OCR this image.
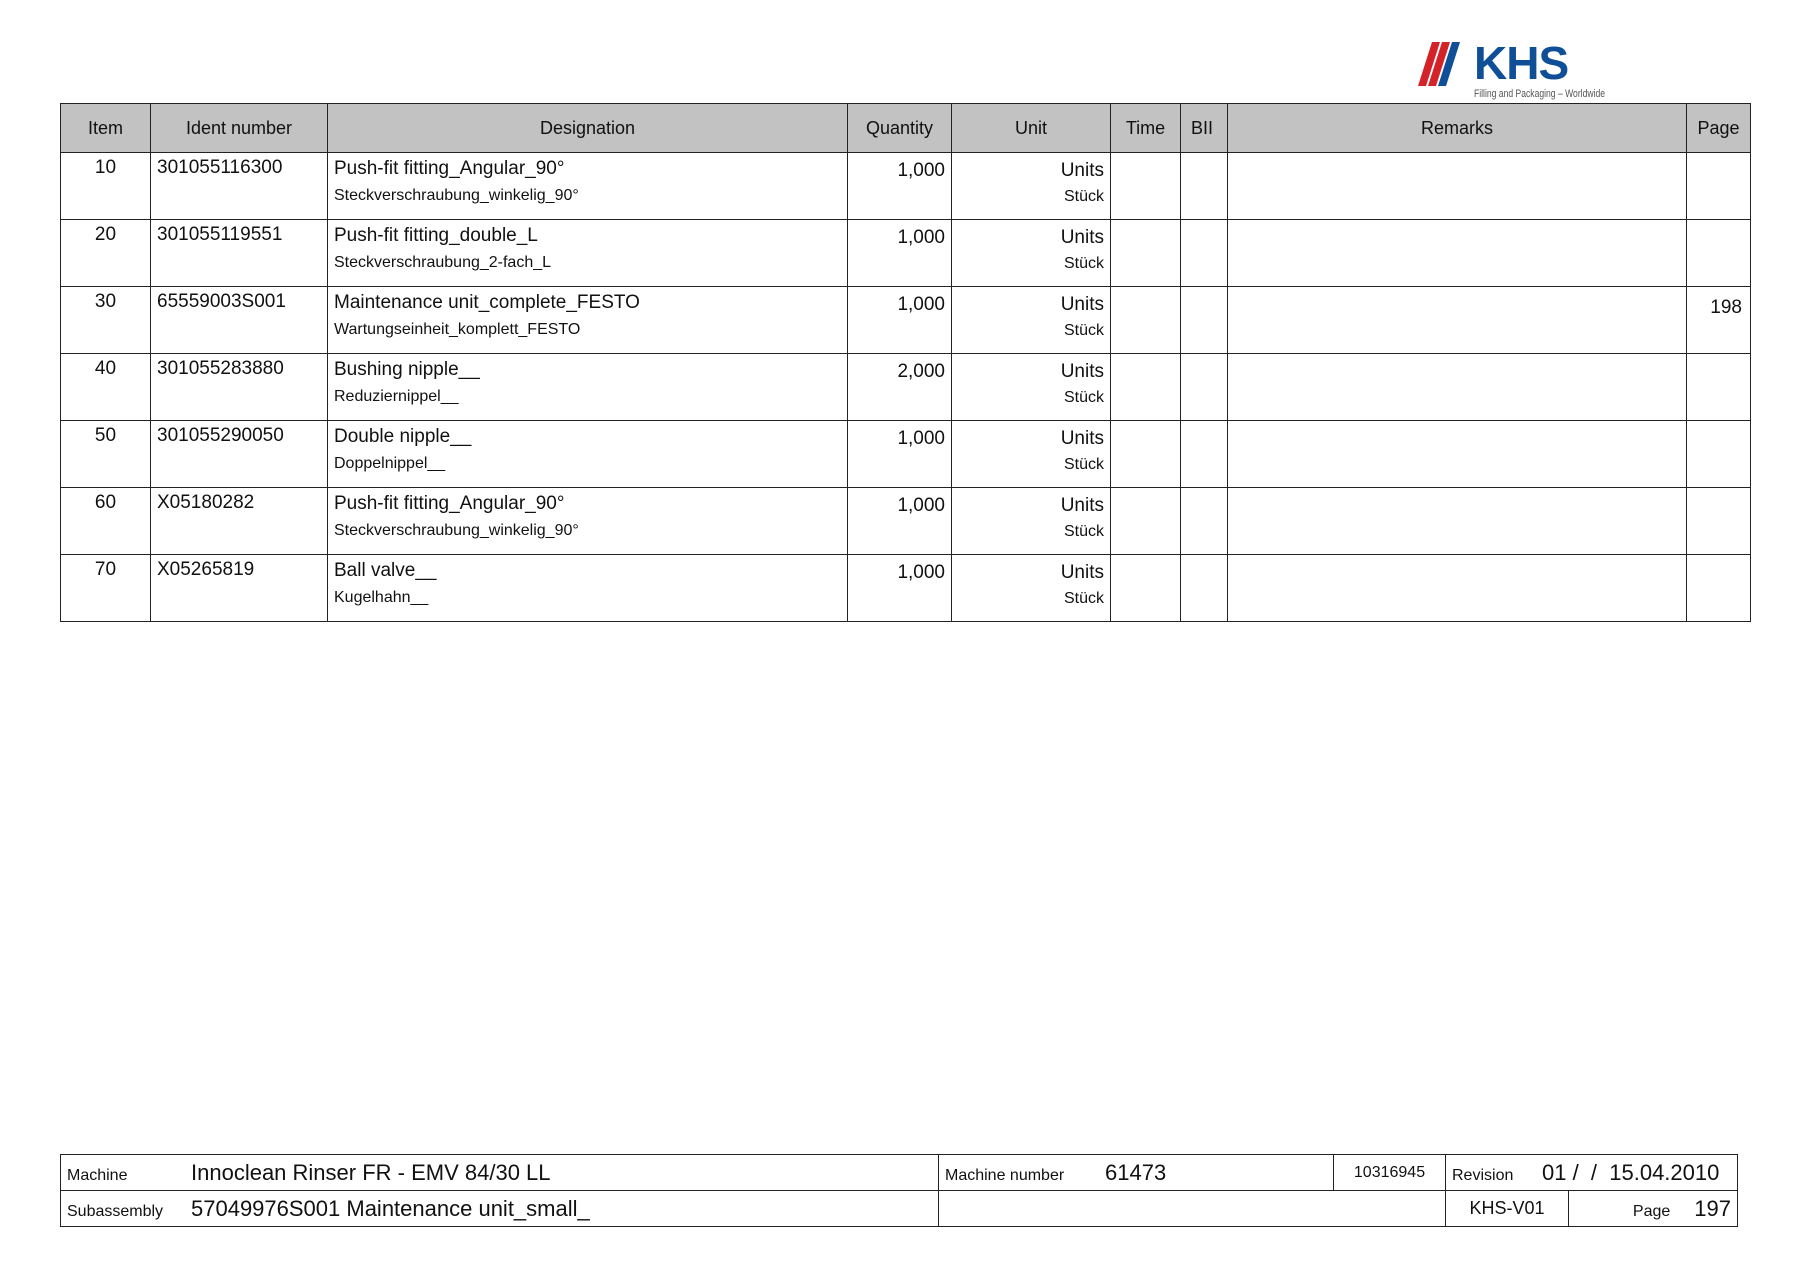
KHS
Filling and Packaging – Worldwide
Item	Ident number	Designation	Quantity	Unit	Time	BII	Remarks	Page
10	301055116300	Push-fit fitting_Angular_90°
Steckverschraubung_winkelig_90°	1,000	Units
Stück				

20	301055119551	Push-fit fitting_double_L
Steckverschraubung_2-fach_L	1,000	Units
Stück				

30	65559003S001	Maintenance unit_complete_FESTO
Wartungseinheit_komplett_FESTO	1,000	Units
Stück				198
40	301055283880	Bushing nipple__
Reduziernippel__	2,000	Units
Stück				

50	301055290050	Double nipple__
Doppelnippel__	1,000	Units
Stück				

60	X05180282	Push-fit fitting_Angular_90°
Steckverschraubung_winkelig_90°	1,000	Units
Stück				

70	X05265819	Ball valve__
Kugelhahn__	1,000	Units
Stück				

Machine Innoclean Rinser FR - EMV 84/30 LL	Machine number 61473	10316945	Revision 01 /  /  15.04.2010	
Subassembly 57049976S001 Maintenance unit_small_			KHS-V01	Page 197
